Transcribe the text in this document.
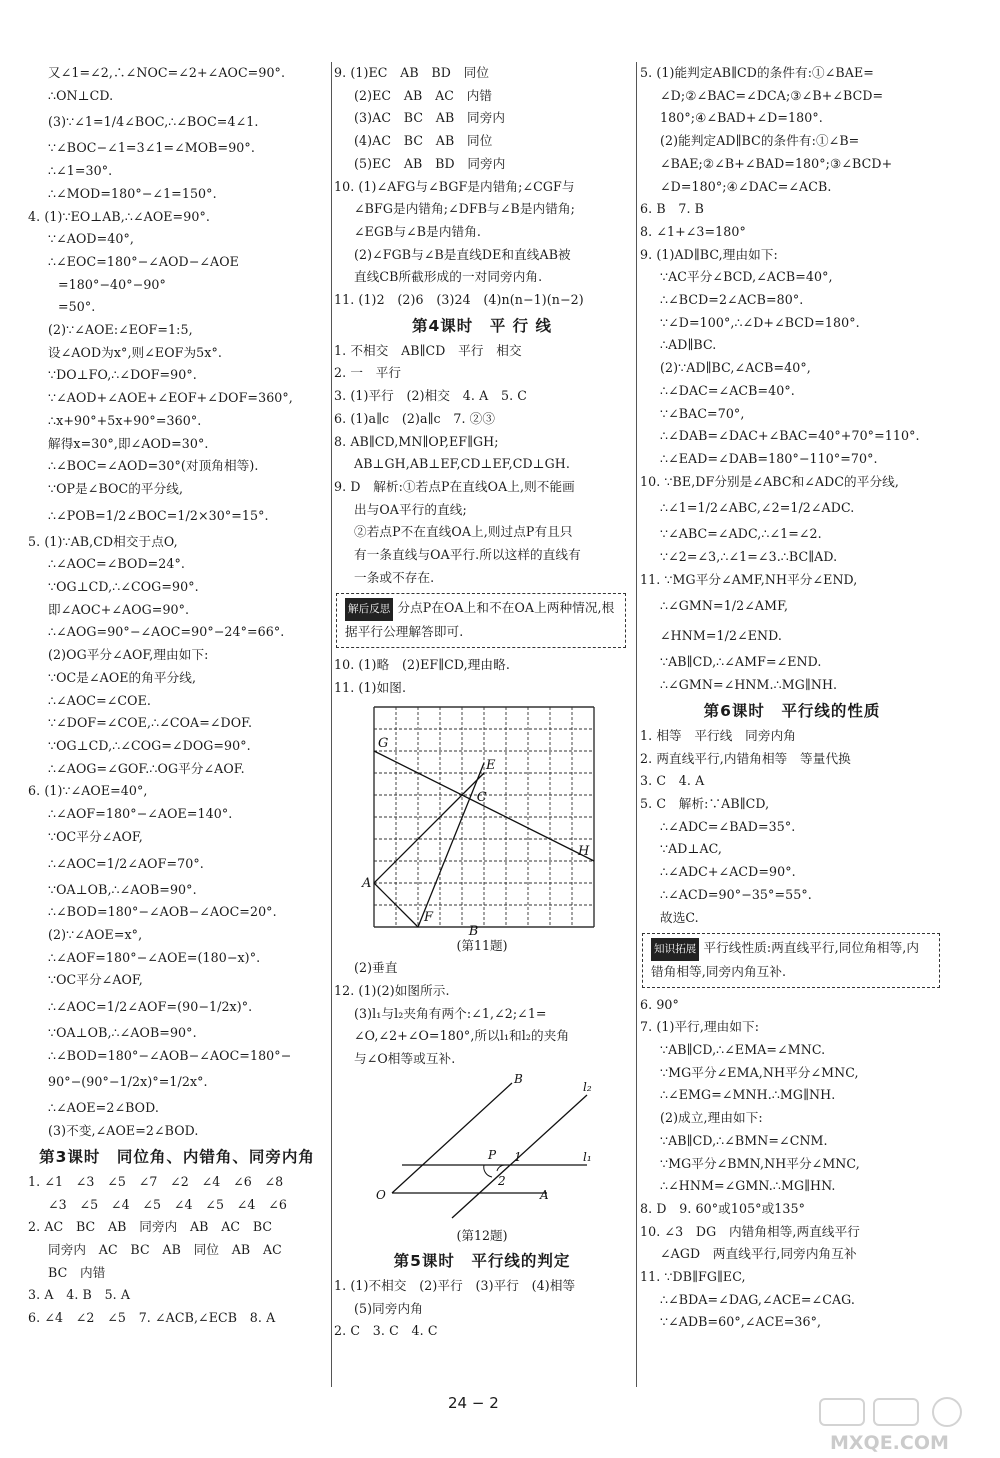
又∠1=∠2,∴∠NOC=∠2+∠AOC=90°.
∴ON⊥CD.
(3)∵∠1=1/4∠BOC,∴∠BOC=4∠1.
∵∠BOC−∠1=3∠1=∠MOB=90°.
∴∠1=30°.
∴∠MOD=180°−∠1=150°.
4. (1)∵EO⊥AB,∴∠AOE=90°.
∵∠AOD=40°,
∴∠EOC=180°−∠AOD−∠AOE
=180°−40°−90°
=50°.
(2)∵∠AOE:∠EOF=1:5,
设∠AOD为x°,则∠EOF为5x°.
∵DO⊥FO,∴∠DOF=90°.
∵∠AOD+∠AOE+∠EOF+∠DOF=360°,
∴x+90°+5x+90°=360°.
解得x=30°,即∠AOD=30°.
∴∠BOC=∠AOD=30°(对顶角相等).
∵OP是∠BOC的平分线,
∴∠POB=1/2∠BOC=1/2×30°=15°.
5. (1)∵AB,CD相交于点O,
∴∠AOC=∠BOD=24°.
∵OG⊥CD,∴∠COG=90°.
即∠AOC+∠AOG=90°.
∴∠AOG=90°−∠AOC=90°−24°=66°.
(2)OG平分∠AOF,理由如下:
∵OC是∠AOE的角平分线,
∴∠AOC=∠COE.
∵∠DOF=∠COE,∴∠COA=∠DOF.
∵OG⊥CD,∴∠COG=∠DOG=90°.
∴∠AOG=∠GOF.∴OG平分∠AOF.
6. (1)∵∠AOE=40°,
∴∠AOF=180°−∠AOE=140°.
∵OC平分∠AOF,
∴∠AOC=1/2∠AOF=70°.
∵OA⊥OB,∴∠AOB=90°.
∴∠BOD=180°−∠AOB−∠AOC=20°.
(2)∵∠AOE=x°,
∴∠AOF=180°−∠AOE=(180−x)°.
∵OC平分∠AOF,
∴∠AOC=1/2∠AOF=(90−1/2x)°.
∵OA⊥OB,∴∠AOB=90°.
∴∠BOD=180°−∠AOB−∠AOC=180°−
90°−(90°−1/2x)°=1/2x°.
∴∠AOE=2∠BOD.
(3)不变,∠AOE=2∠BOD.
第3课时　同位角、内错角、同旁内角
1. ∠1　∠3　∠5　∠7　∠2　∠4　∠6　∠8
∠3　∠5　∠4　∠5　∠4　∠5　∠4　∠6
2. AC　BC　AB　同旁内　AB　AC　BC
同旁内　AC　BC　AB　同位　AB　AC
BC　内错
3. A　4. B　5. A
6. ∠4　∠2　∠5　7. ∠ACB,∠ECB　8. A
9. (1)EC　AB　BD　同位
(2)EC　AB　AC　内错
(3)AC　BC　AB　同旁内
(4)AC　BC　AB　同位
(5)EC　AB　BD　同旁内
10. (1)∠AFG与∠BGF是内错角;∠CGF与
∠BFG是内错角;∠DFB与∠B是内错角;
∠EGB与∠B是内错角.
(2)∠FGB与∠B是直线DE和直线AB被
直线CB所截形成的一对同旁内角.
11. (1)2　(2)6　(3)24　(4)n(n−1)(n−2)
第4课时　平 行 线
1. 不相交　AB∥CD　平行　相交
2. 一　平行
3. (1)平行　(2)相交　4. A　5. C
6. (1)a∥c　(2)a∥c　7. ②③
8. AB∥CD,MN∥OP,EF∥GH;
AB⊥GH,AB⊥EF,CD⊥EF,CD⊥GH.
9. D　解析:①若点P在直线OA上,则不能画
出与OA平行的直线;
②若点P不在直线OA上,则过点P有且只
有一条直线与OA平行.所以这样的直线有
一条或不存在.
解后反思 分点P在OA上和不在OA上两种情况,根据平行公理解答即可.
10. (1)略　(2)EF∥CD,理由略.
11. (1)如图.
G
E
C
H
A
F
B
(第11题)
(2)垂直
12. (1)(2)如图所示.
(3)l₁与l₂夹角有两个:∠1,∠2;∠1=
∠O,∠2+∠O=180°,所以l₁和l₂的夹角
与∠O相等或互补.
B
l₂
P 1	l₁
2
O	A
(第12题)
第5课时　平行线的判定
1. (1)不相交　(2)平行　(3)平行　(4)相等
(5)同旁内角
2. C　3. C　4. C
5. (1)能判定AB∥CD的条件有:①∠BAE=
∠D;②∠BAC=∠DCA;③∠B+∠BCD=
180°;④∠BAD+∠D=180°.
(2)能判定AD∥BC的条件有:①∠B=
∠BAE;②∠B+∠BAD=180°;③∠BCD+
∠D=180°;④∠DAC=∠ACB.
6. B　7. B
8. ∠1+∠3=180°
9. (1)AD∥BC,理由如下:
∵AC平分∠BCD,∠ACB=40°,
∴∠BCD=2∠ACB=80°.
∵∠D=100°,∴∠D+∠BCD=180°.
∴AD∥BC.
(2)∵AD∥BC,∠ACB=40°,
∴∠DAC=∠ACB=40°.
∵∠BAC=70°,
∴∠DAB=∠DAC+∠BAC=40°+70°=110°.
∴∠EAD=∠DAB=180°−110°=70°.
10. ∵BE,DF分别是∠ABC和∠ADC的平分线,
∴∠1=1/2∠ABC,∠2=1/2∠ADC.
∵∠ABC=∠ADC,∴∠1=∠2.
∵∠2=∠3,∴∠1=∠3.∴BC∥AD.
11. ∵MG平分∠AMF,NH平分∠END,
∴∠GMN=1/2∠AMF,
∠HNM=1/2∠END.
∵AB∥CD,∴∠AMF=∠END.
∴∠GMN=∠HNM.∴MG∥NH.
第6课时　平行线的性质
1. 相等　平行线　同旁内角
2. 两直线平行,内错角相等　等量代换
3. C　4. A
5. C　解析:∵AB∥CD,
∴∠ADC=∠BAD=35°.
∵AD⊥AC,
∴∠ADC+∠ACD=90°.
∴∠ACD=90°−35°=55°.
故选C.
知识拓展 平行线性质:两直线平行,同位角相等,内错角相等,同旁内角互补.
6. 90°
7. (1)平行,理由如下:
∵AB∥CD,∴∠EMA=∠MNC.
∵MG平分∠EMA,NH平分∠MNC,
∴∠EMG=∠MNH.∴MG∥NH.
(2)成立,理由如下:
∵AB∥CD,∴∠BMN=∠CNM.
∵MG平分∠BMN,NH平分∠MNC,
∴∠HNM=∠GMN.∴MG∥HN.
8. D　9. 60°或105°或135°
10. ∠3　DG　内错角相等,两直线平行
∠AGD　两直线平行,同旁内角互补
11. ∵DB∥FG∥EC,
∴∠BDA=∠DAG,∠ACE=∠CAG.
∵∠ADB=60°,∠ACE=36°,
24 − 2
MXQE.COM
